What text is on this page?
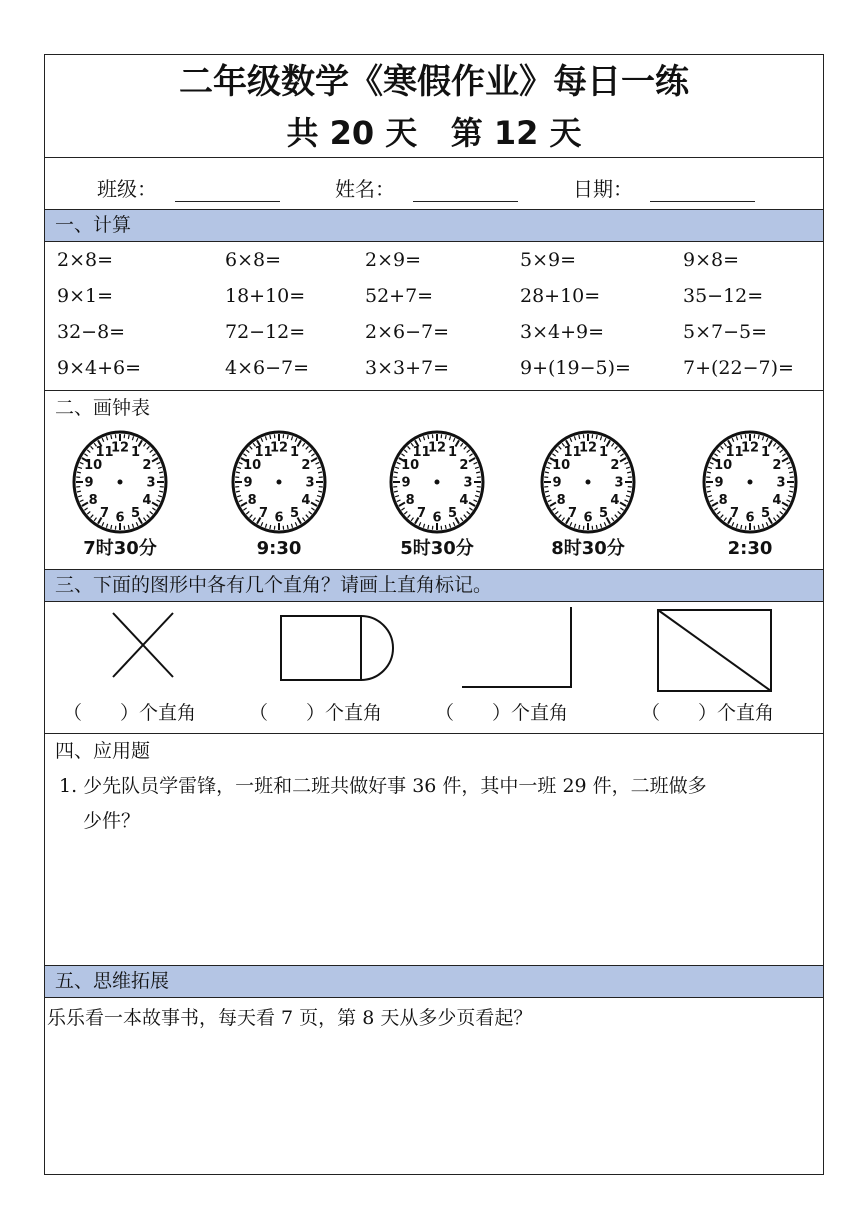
二年级数学《寒假作业》每日一练
共 20 天   第 12 天
班级：	姓名：	日期：
一、计算
2×8=	6×8=	2×9=	5×9=	9×8=
9×1=	18+10=	52+7=	28+10=	35−12=
32−8=	72−12=	2×6−7=	3×4+9=	5×7−5=
9×4+6=	4×6−7=	3×3+7=	9+(19−5)=	7+(22−7)=
二、画钟表
1
2
3
4
5
6
7
8
9
10
11
12
7时30分
1
2
3
4
5
6
7
8
9
10
11
12
9:30
1
2
3
4
5
6
7
8
9
10
11
12
5时30分
1
2
3
4
5
6
7
8
9
10
11
12
8时30分
1
2
3
4
5
6
7
8
9
10
11
12
2:30
三、下面的图形中各有几个直角？请画上直角标记。
（　　）个直角	（　　）个直角	（　　）个直角	（　　）个直角
四、应用题
1. 少先队员学雷锋，一班和二班共做好事 36 件，其中一班 29 件，二班做多
少件？
五、思维拓展
乐乐看一本故事书，每天看 7 页，第 8 天从多少页看起？
